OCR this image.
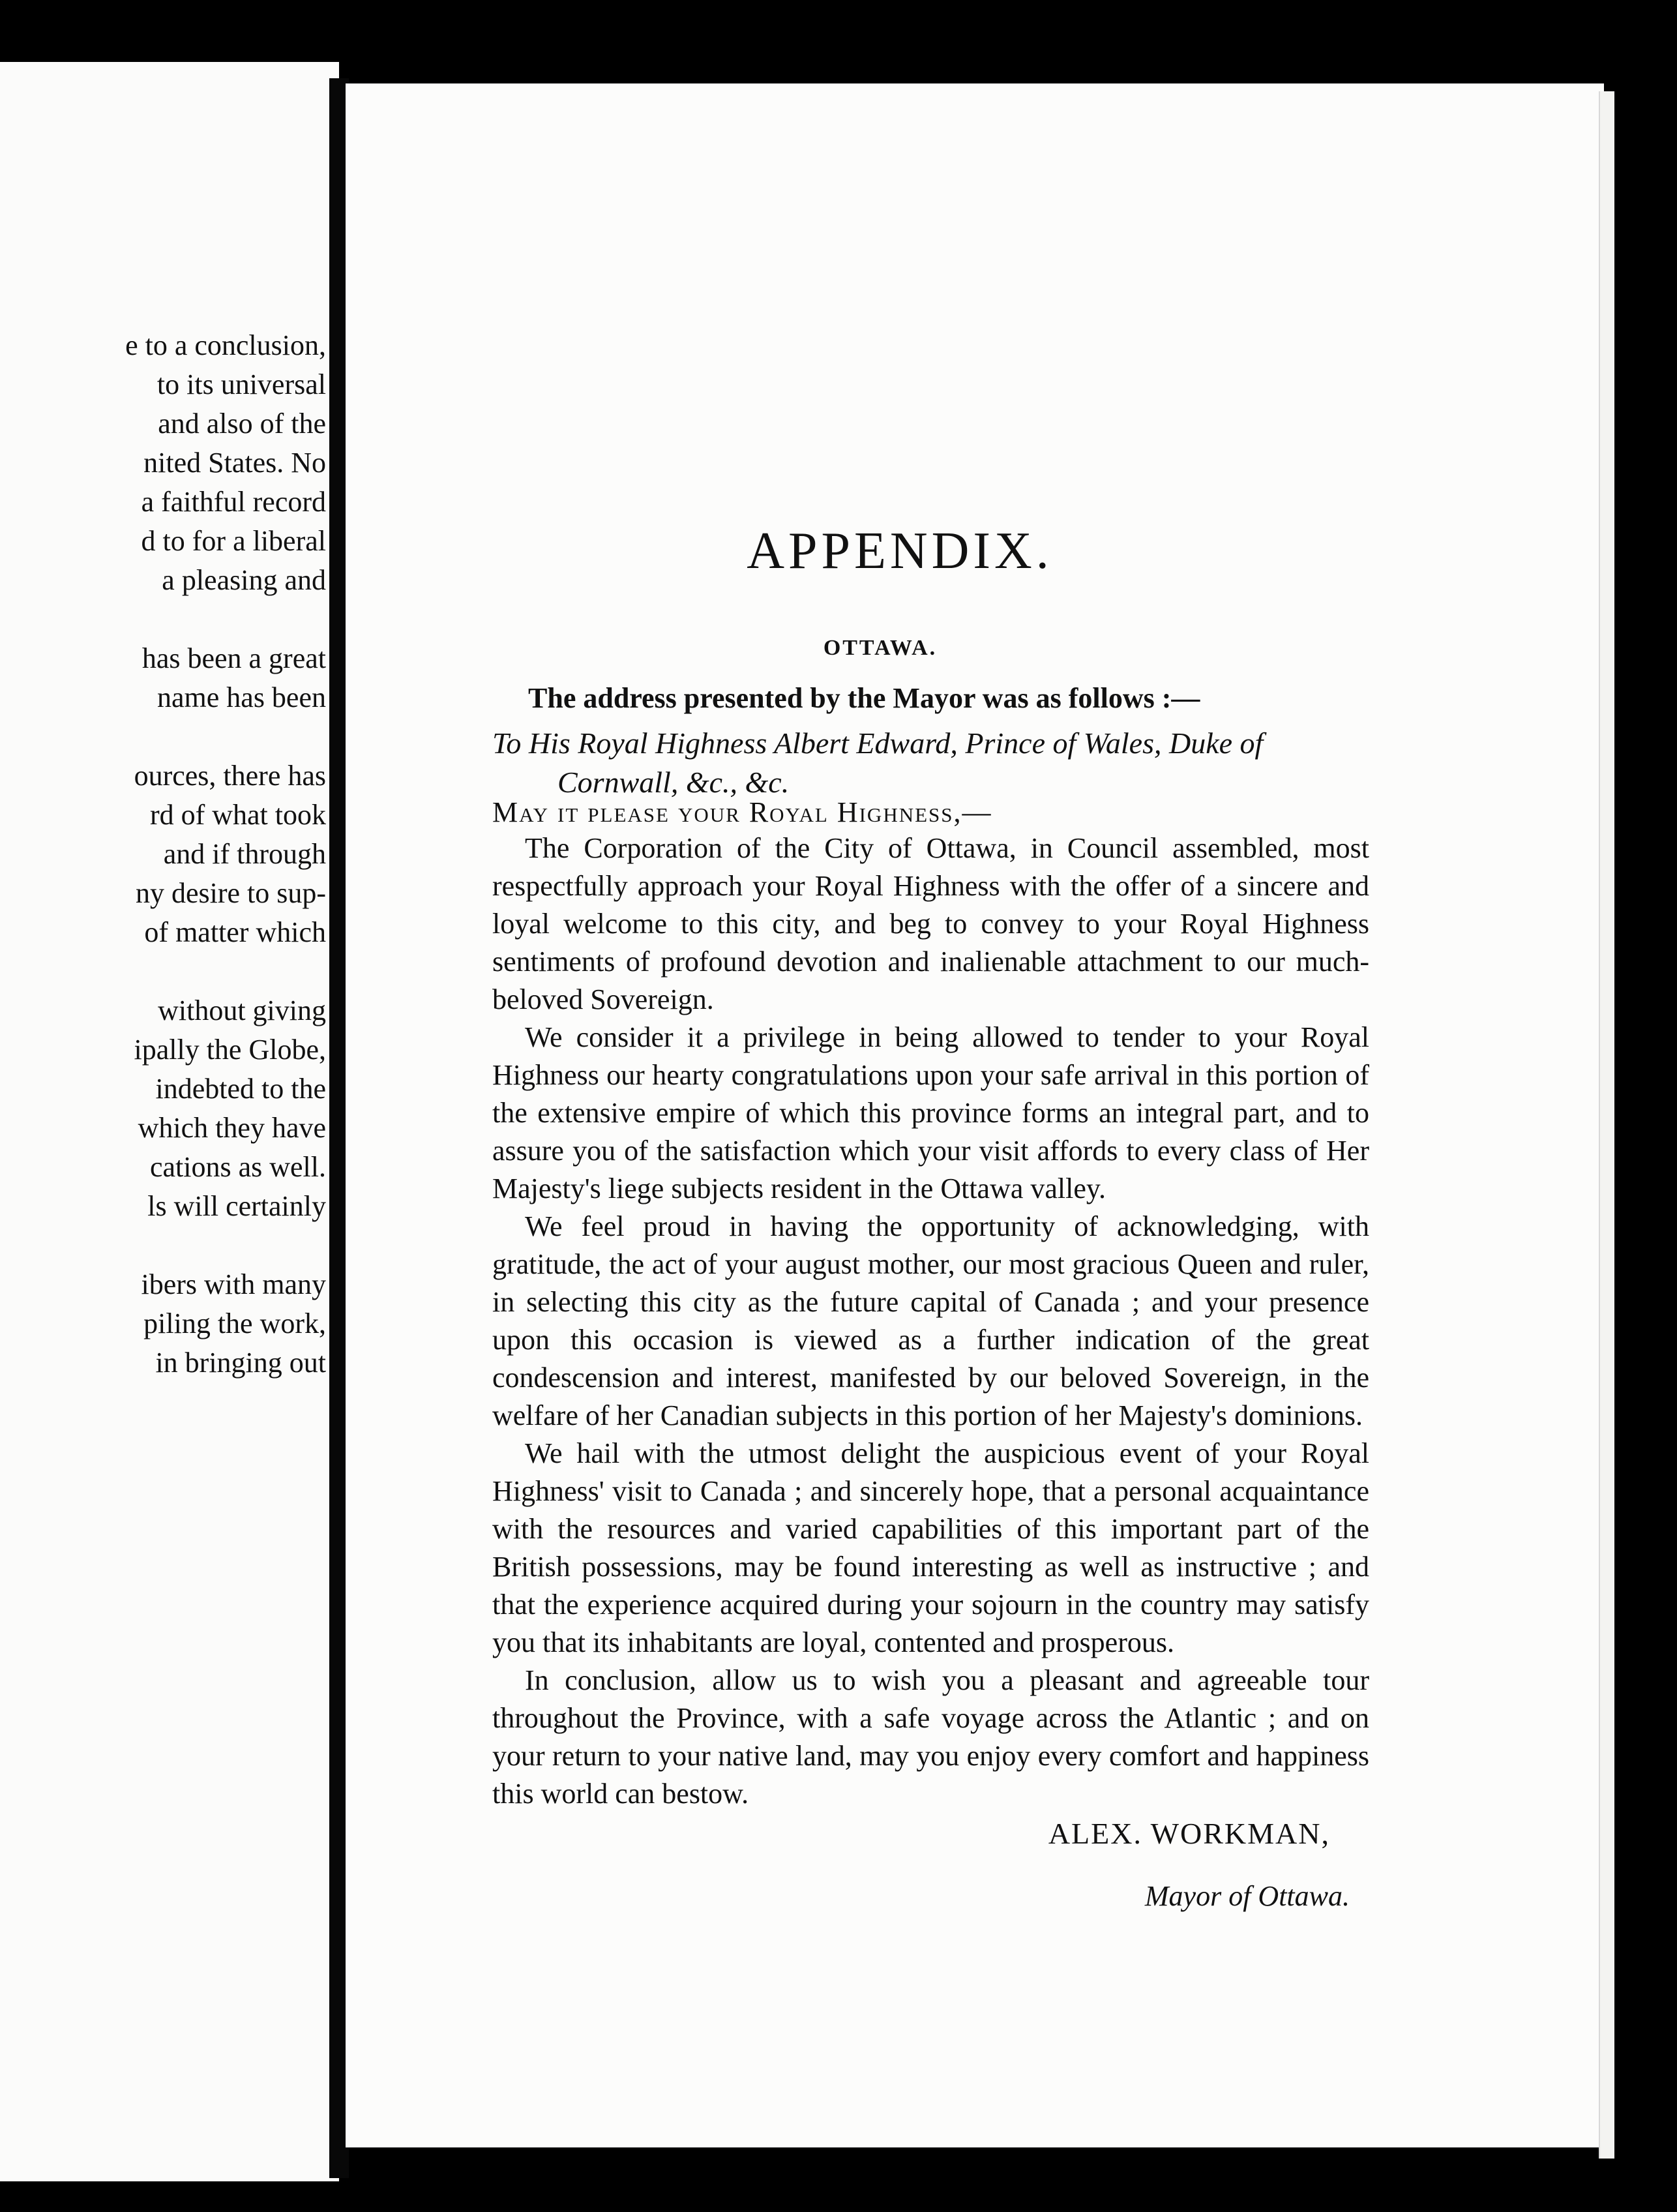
e to a conclusion,
to its universal
and also of the
nited States. No
a faithful record
d to for a liberal
a pleasing and
has been a great
name has been
ources, there has
rd of what took
and if through
ny desire to sup-
of matter which
without giving
ipally the Globe,
indebted to the
which they have
cations as well.
ls will certainly
ibers with many
piling the work,
in bringing out
​
APPENDIX.
OTTAWA.
The address presented by the Mayor was as follows :—
To His Royal Highness Albert Edward, Prince of Wales, Duke of
Cornwall, &c., &c.
May it please your Royal Highness,—

The Corporation of the City of Ottawa, in Council assembled, most respectfully approach your Royal Highness with the offer of a sincere and loyal welcome to this city, and beg to convey to your Royal Highness sentiments of profound devotion and inalienable attachment to our much-beloved Sovereign.

We consider it a privilege in being allowed to tender to your Royal Highness our hearty congratulations upon your safe arrival in this portion of the extensive empire of which this province forms an integral part, and to assure you of the satisfaction which your visit affords to every class of Her Majesty's liege subjects resident in the Ottawa valley.

We feel proud in having the opportunity of acknowledging, with gratitude, the act of your august mother, our most gracious Queen and ruler, in selecting this city as the future capital of Canada ; and your presence upon this occasion is viewed as a further indication of the great condescension and interest, manifested by our beloved Sovereign, in the welfare of her Canadian subjects in this portion of her Majesty's dominions.

We hail with the utmost delight the auspicious event of your Royal Highness' visit to Canada ; and sincerely hope, that a personal acquaintance with the resources and varied capabilities of this important part of the British possessions, may be found interesting as well as instructive ; and that the experience acquired during your sojourn in the country may satisfy you that its inhabitants are loyal, contented and prosperous.

In conclusion, allow us to wish you a pleasant and agreeable tour throughout the Province, with a safe voyage across the Atlantic ; and on your return to your native land, may you enjoy every comfort and happiness this world can bestow.

ALEX. WORKMAN,
Mayor of Ottawa.
